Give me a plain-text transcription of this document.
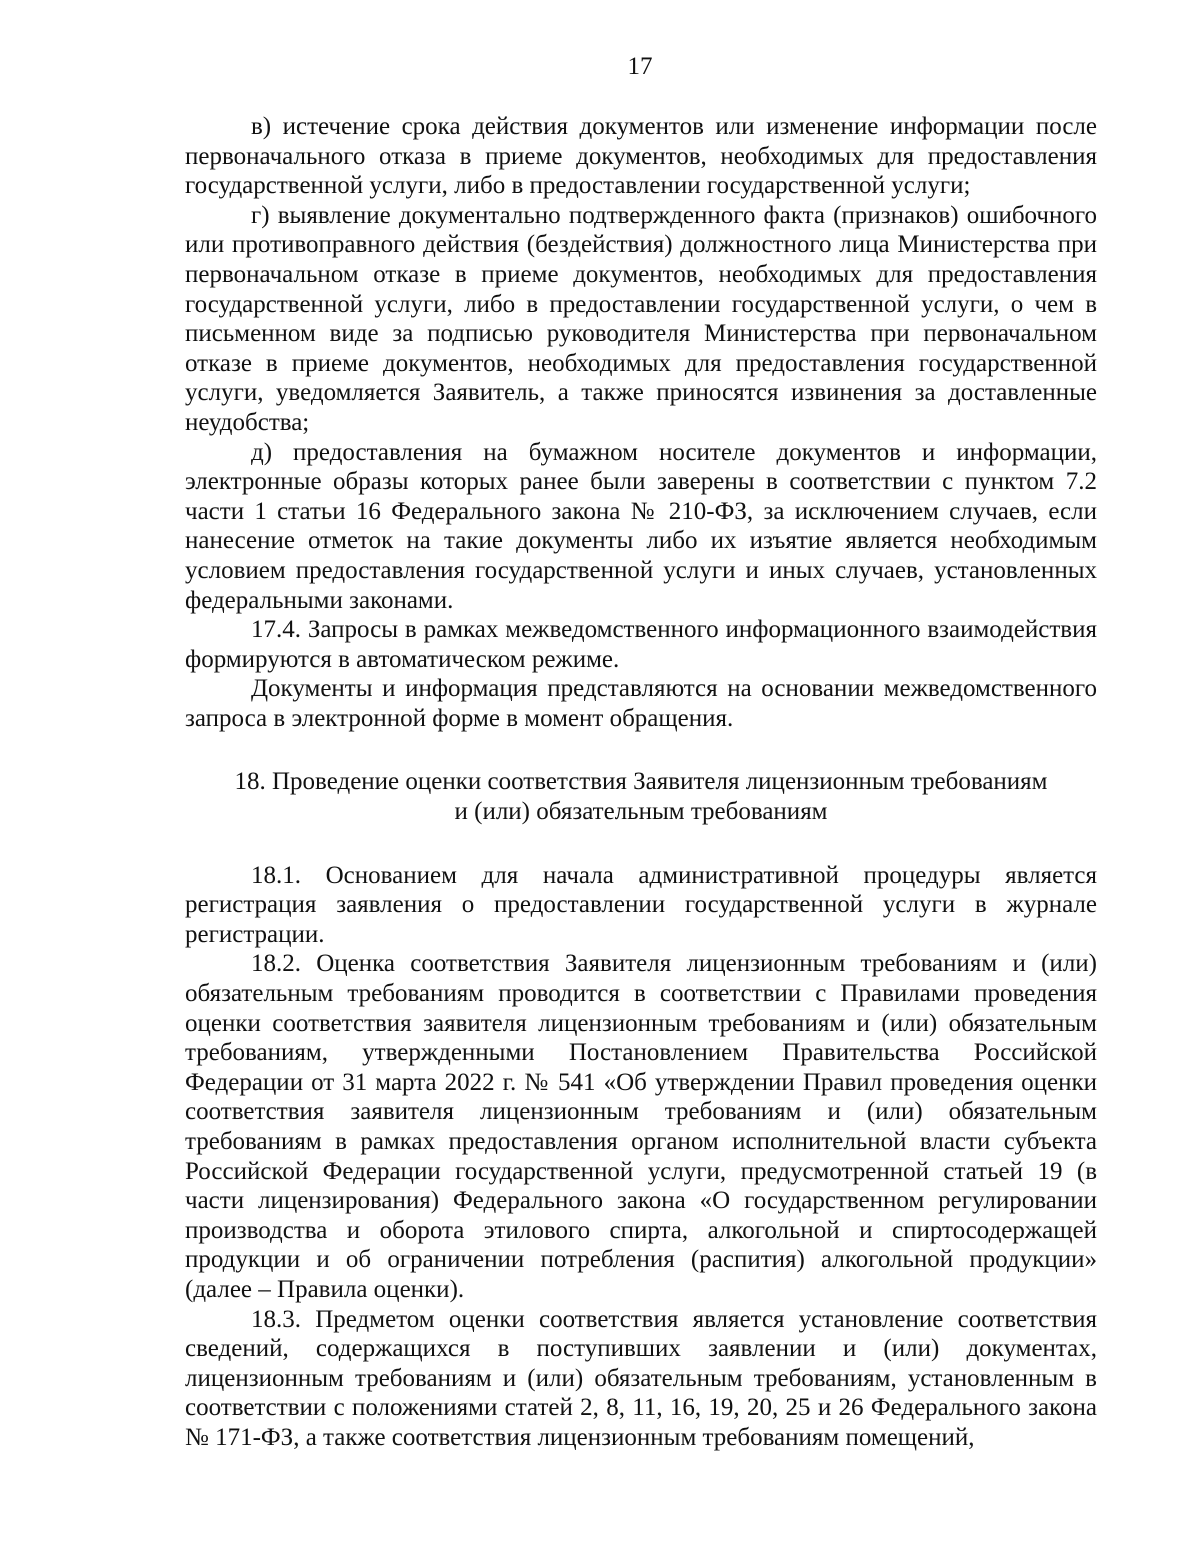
17

в) истечение срока действия документов или изменение информации после первоначального отказа в приеме документов, необходимых для предоставления государственной услуги, либо в предоставлении государственной услуги;

г) выявление документально подтвержденного факта (признаков) ошибочного или противоправного действия (бездействия) должностного лица Министерства при первоначальном отказе в приеме документов, необходимых для предоставления государственной услуги, либо в предоставлении государственной услуги, о чем в письменном виде за подписью руководителя Министерства при первоначальном отказе в приеме документов, необходимых для предоставления государственной услуги, уведомляется Заявитель, а также приносятся извинения за доставленные неудобства;

д) предоставления на бумажном носителе документов и информации, электронные образы которых ранее были заверены в соответствии с пунктом 7.2 части 1 статьи 16 Федерального закона № 210-ФЗ, за исключением случаев, если нанесение отметок на такие документы либо их изъятие является необходимым условием предоставления государственной услуги и иных случаев, установленных федеральными законами.

17.4. Запросы в рамках межведомственного информационного взаимодействия формируются в автоматическом режиме.

Документы и информация представляются на основании межведомственного запроса в электронной форме в момент обращения.

18. Проведение оценки соответствия Заявителя лицензионным требованиям

и (или) обязательным требованиям

18.1. Основанием для начала административной процедуры является регистрация заявления о предоставлении государственной услуги в журнале регистрации.

18.2. Оценка соответствия Заявителя лицензионным требованиям и (или) обязательным требованиям проводится в соответствии с Правилами проведения оценки соответствия заявителя лицензионным требованиям и (или) обязательным требованиям, утвержденными Постановлением Правительства Российской Федерации от 31 марта 2022 г. № 541 «Об утверждении Правил проведения оценки соответствия заявителя лицензионным требованиям и (или) обязательным требованиям в рамках предоставления органом исполнительной власти субъекта Российской Федерации государственной услуги, предусмотренной статьей 19 (в части лицензирования) Федерального закона «О государственном регулировании производства и оборота этилового спирта, алкогольной и спиртосодержащей продукции и об ограничении потребления (распития) алкогольной продукции» (далее – Правила оценки).

18.3. Предметом оценки соответствия является установление соответствия сведений, содержащихся в поступивших заявлении и (или) документах, лицензионным требованиям и (или) обязательным требованиям, установленным в соответствии с положениями статей 2, 8, 11, 16, 19, 20, 25 и 26 Федерального закона № 171-ФЗ, а также соответствия лицензионным требованиям помещений,
